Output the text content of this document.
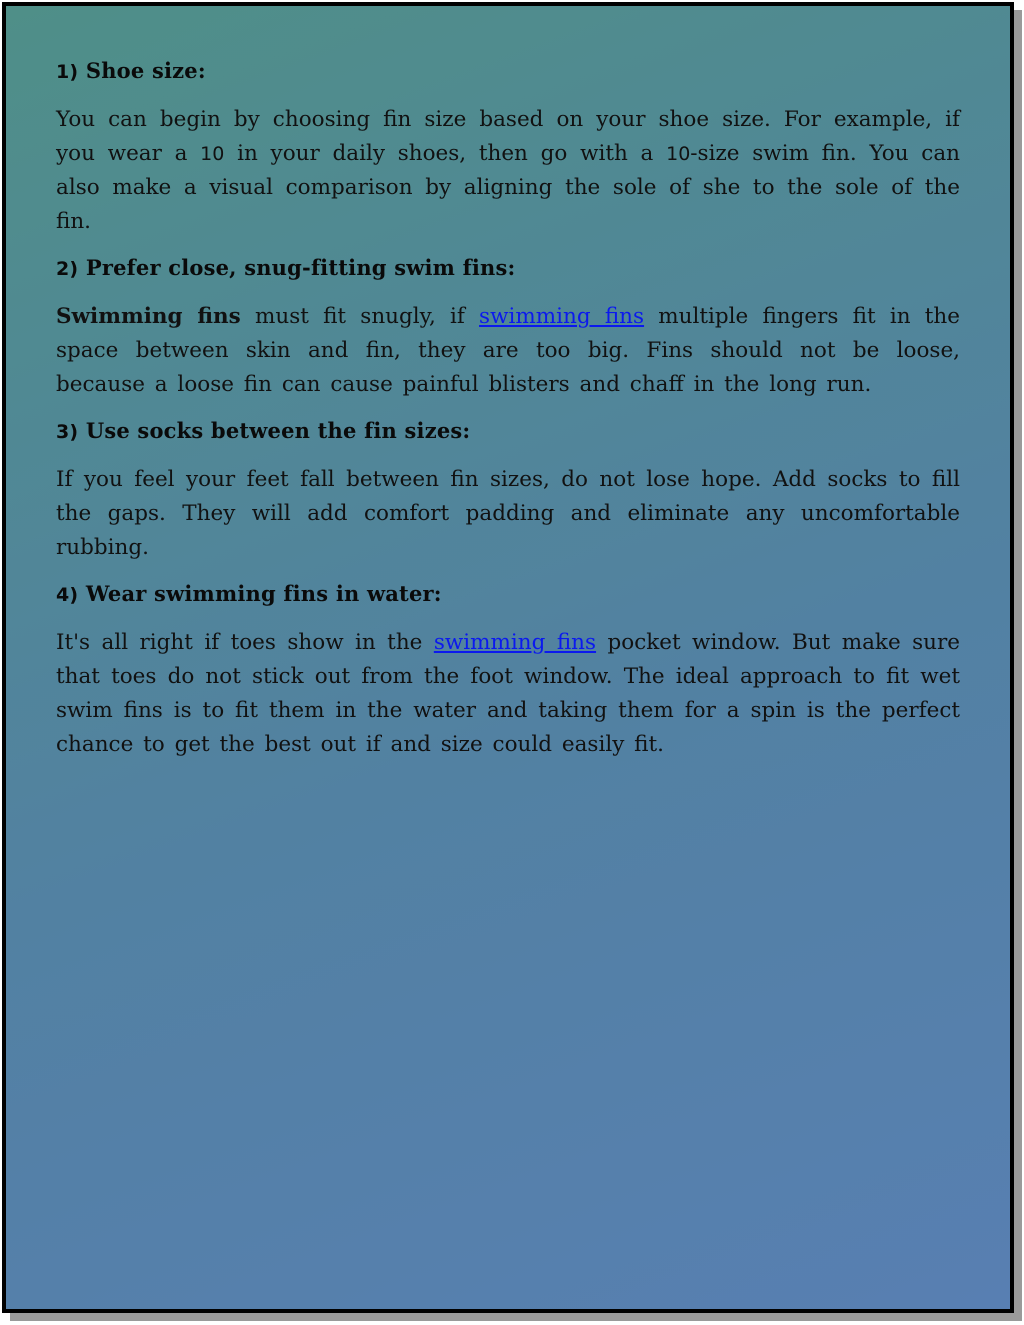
1) Shoe size:

You can begin by choosing fin size based on your shoe size. For example, if you wear a 10 in your daily shoes, then go with a 10-size swim fin. You can also make a visual comparison by aligning the sole of she to the sole of the fin.

2) Prefer close, snug-fitting swim fins:

Swimming fins must fit snugly, if swimming fins multiple fingers fit in the space between skin and fin, they are too big. Fins should not be loose, because a loose fin can cause painful blisters and chaff in the long run.

3) Use socks between the fin sizes:

If you feel your feet fall between fin sizes, do not lose hope. Add socks to fill the gaps. They will add comfort padding and eliminate any uncomfortable rubbing.

4) Wear swimming fins in water:

It's all right if toes show in the swimming fins pocket window. But make sure that toes do not stick out from the foot window. The ideal approach to fit wet swim fins is to fit them in the water and taking them for a spin is the perfect chance to get the best out if and size could easily fit.
